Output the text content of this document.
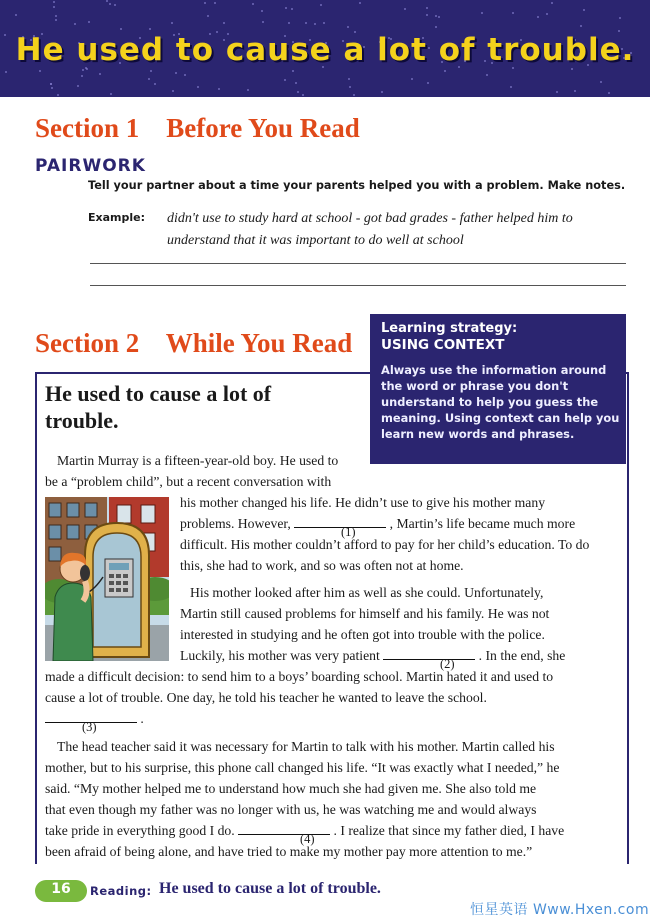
He used to cause a lot of trouble.
Section 1    Before You Read
PAIRWORK
Tell your partner about a time your parents helped you with a problem. Make notes.
Example: didn't use to study hard at school - got bad grades - father helped him to understand that it was important to do well at school
Section 2    While You Read Learning strategy:
USING CONTEXT
Always use the information around the word or phrase you don't understand to help you guess the meaning. Using context can help you learn new words and phrases.
He used to cause a lot of trouble.
Martin Murray is a fifteen-year-old boy. He used to
be a “problem child”, but a recent conversation with
his mother changed his life. He didn’t use to give his mother many
problems. However,	, Martin’s life became much more
(1)
difficult. His mother couldn’t afford to pay for her child’s education. To do
this, she had to work, and so was often not at home.
His mother looked after him as well as she could. Unfortunately,
Martin still caused problems for himself and his family. He was not
interested in studying and he often got into trouble with the police.
Luckily, his mother was very patient	. In the end, she
(2)
made a difficult decision: to send him to a boys’ boarding school. Martin hated it and used to
cause a lot of trouble. One day, he told his teacher he wanted to leave the school.
.
(3)
The head teacher said it was necessary for Martin to talk with his mother. Martin called his
mother, but to his surprise, this phone call changed his life. “It was exactly what I needed,” he
said. “My mother helped me to understand how much she had given me. She also told me
that even though my father was no longer with us, he was watching me and would always
take pride in everything good I do.	. I realize that since my father died, I have
(4)
been afraid of being alone, and have tried to make my mother pay more attention to me.”
16	Reading: He used to cause a lot of trouble.
恒星英语 Www.Hxen.com
